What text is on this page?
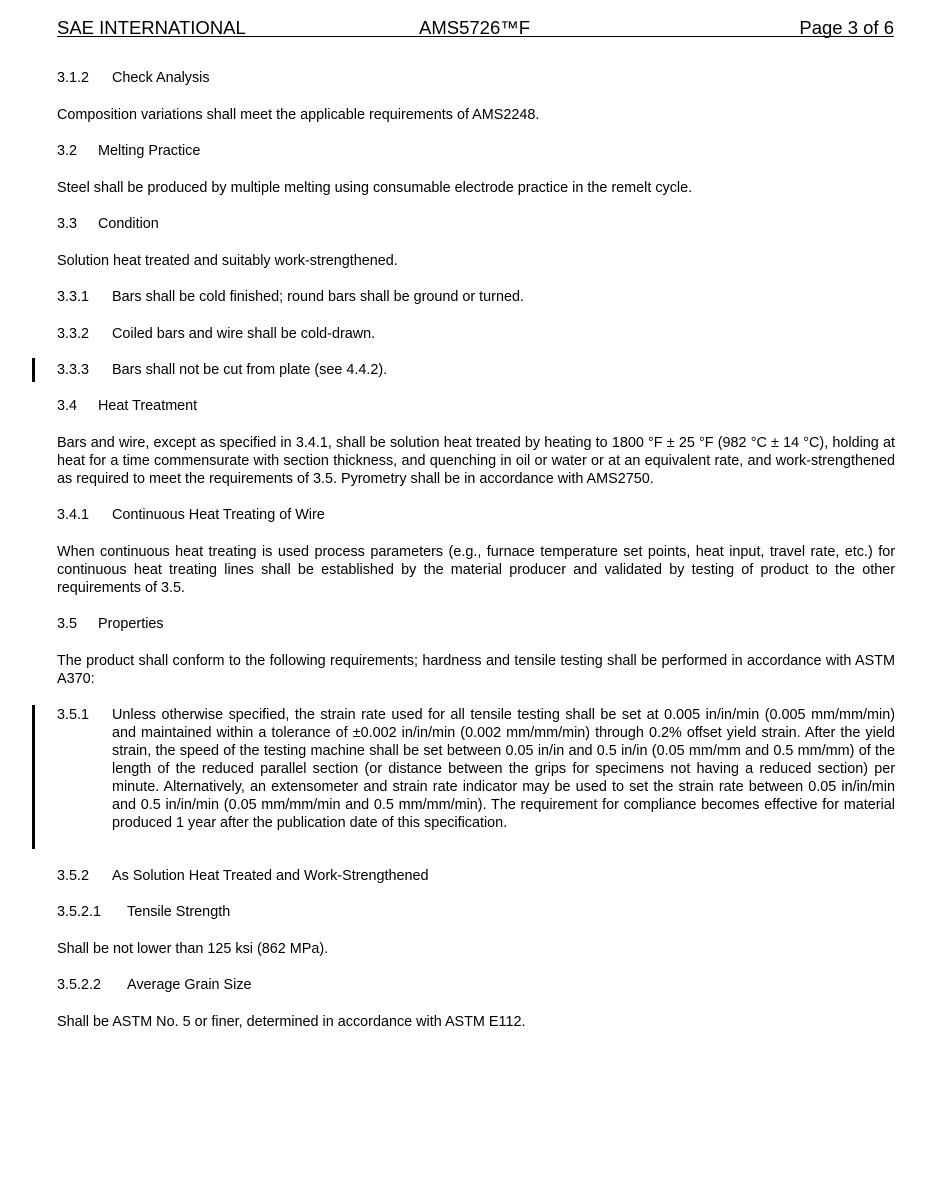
SAE INTERNATIONAL	AMS5726™F	Page 3 of 6
3.1.2 Check Analysis
Composition variations shall meet the applicable requirements of AMS2248.
3.2 Melting Practice
Steel shall be produced by multiple melting using consumable electrode practice in the remelt cycle.
3.3 Condition
Solution heat treated and suitably work-strengthened.
3.3.1 Bars shall be cold finished; round bars shall be ground or turned.
3.3.2 Coiled bars and wire shall be cold-drawn.
3.3.3 Bars shall not be cut from plate (see 4.4.2).
3.4 Heat Treatment
Bars and wire, except as specified in 3.4.1, shall be solution heat treated by heating to 1800 °F ± 25 °F (982 °C ± 14 °C), holding at heat for a time commensurate with section thickness, and quenching in oil or water or at an equivalent rate, and work-strengthened as required to meet the requirements of 3.5. Pyrometry shall be in accordance with AMS2750.
3.4.1 Continuous Heat Treating of Wire
When continuous heat treating is used process parameters (e.g., furnace temperature set points, heat input, travel rate, etc.) for continuous heat treating lines shall be established by the material producer and validated by testing of product to the other requirements of 3.5.
3.5 Properties
The product shall conform to the following requirements; hardness and tensile testing shall be performed in accordance with ASTM A370:
3.5.1 Unless otherwise specified, the strain rate used for all tensile testing shall be set at 0.005 in/in/min (0.005 mm/mm/min) and maintained within a tolerance of ±0.002 in/in/min (0.002 mm/mm/min) through 0.2% offset yield strain. After the yield strain, the speed of the testing machine shall be set between 0.05 in/in and 0.5 in/in (0.05 mm/mm and 0.5 mm/mm) of the length of the reduced parallel section (or distance between the grips for specimens not having a reduced section) per minute. Alternatively, an extensometer and strain rate indicator may be used to set the strain rate between 0.05 in/in/min and 0.5 in/in/min (0.05 mm/mm/min and 0.5 mm/mm/min). The requirement for compliance becomes effective for material produced 1 year after the publication date of this specification.
3.5.2 As Solution Heat Treated and Work-Strengthened
3.5.2.1 Tensile Strength
Shall be not lower than 125 ksi (862 MPa).
3.5.2.2 Average Grain Size
Shall be ASTM No. 5 or finer, determined in accordance with ASTM E112.
